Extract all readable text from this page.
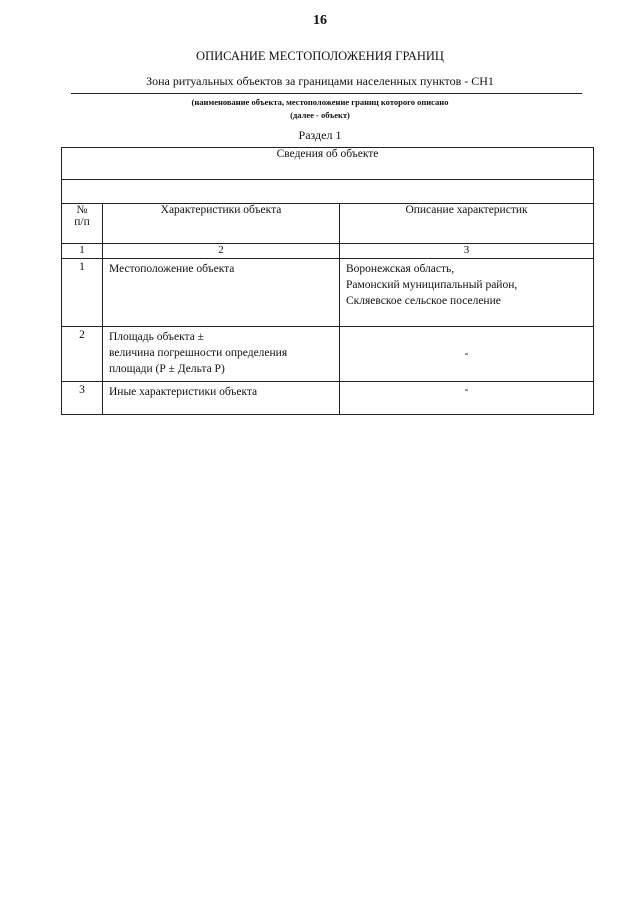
16
ОПИСАНИЕ МЕСТОПОЛОЖЕНИЯ ГРАНИЦ
Зона ритуальных объектов за границами населенных пунктов - СН1
(наименование объекта, местоположение границ которого описано
(далее - объект)
Раздел 1
Сведения об объекте		

№
п/п	Характеристики объекта	Описание характеристик
1	2	3
1	Местоположение объекта	Воронежская область,
Рамонский муниципальный район,
Скляевское сельское поселение
2	Площадь объекта ±
величина погрешности определения
площади (Р ± Дельта Р)	-
3	Иные характеристики объекта	-
